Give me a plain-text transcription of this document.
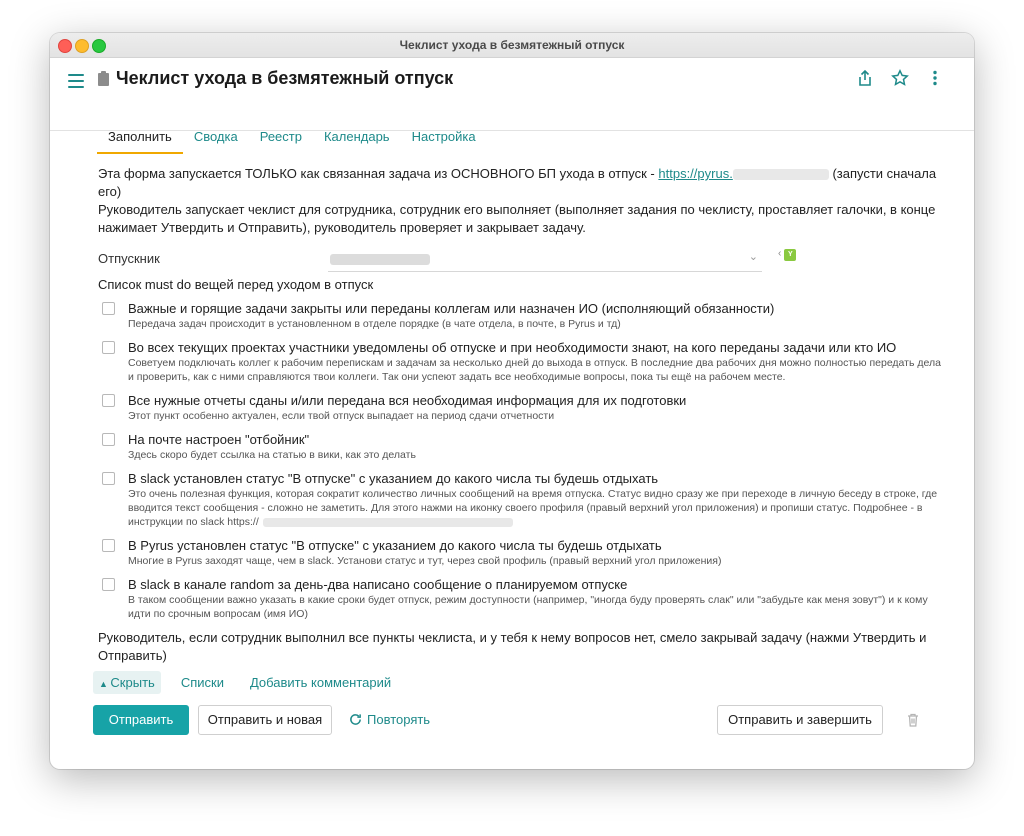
Чеклист ухода в безмятежный отпуск
Чеклист ухода в безмятежный отпуск
Заполнить	Сводка	Реестр	Календарь	Настройка
Эта форма запускается ТОЛЬКО как связанная задача из ОСНОВНОГО БП ухода в отпуск - https://pyrus.	(запусти сначала его)
Руководитель запускает чеклист для сотрудника, сотрудник его выполняет (выполняет задания по чеклисту, проставляет галочки, в конце нажимает Утвердить и Отправить), руководитель проверяет и закрывает задачу.
Отпускник	⌄ ‹ Y
Список must do вещей перед уходом в отпуск
Важные и горящие задачи закрыты или переданы коллегам или назначен ИО (исполняющий обязанности)
Передача задач происходит в установленном в отделе порядке (в чате отдела, в почте, в Pyrus и тд)
Во всех текущих проектах участники уведомлены об отпуске и при необходимости знают, на кого переданы задачи или кто ИО
Советуем подключать коллег к рабочим перепискам и задачам за несколько дней до выхода в отпуск. В последние два рабочих дня можно полностью передать дела и проверить, как с ними справляются твои коллеги. Так они успеют задать все необходимые вопросы, пока ты ещё на рабочем месте.
Все нужные отчеты сданы и/или передана вся необходимая информация для их подготовки
Этот пункт особенно актуален, если твой отпуск выпадает на период сдачи отчетности
На почте настроен "отбойник"
Здесь скоро будет ссылка на статью в вики, как это делать
В slack установлен статус "В отпуске" с указанием до какого числа ты будешь отдыхать
Это очень полезная функция, которая сократит количество личных сообщений на время отпуска. Статус видно сразу же при переходе в личную беседу в строке, где вводится текст сообщения - сложно не заметить. Для этого нажми на иконку своего профиля (правый верхний угол приложения) и пропиши статус. Подробнее - в инструкции по slack https://
В Pyrus установлен статус "В отпуске" с указанием до какого числа ты будешь отдыхать
Многие в Pyrus заходят чаще, чем в slack. Установи статус и тут, через свой профиль (правый верхний угол приложения)
В slack в канале random за день-два написано сообщение о планируемом отпуске
В таком сообщении важно указать в какие сроки будет отпуск, режим доступности (например, "иногда буду проверять слак" или "забудьте как меня зовут") и к кому идти по срочным вопросам (имя ИО)
Руководитель, если сотрудник выполнил все пункты чеклиста, и у тебя к нему вопросов нет, смело закрывай задачу (нажми Утвердить и Отправить)
▲ Скрыть	Списки Добавить комментарий
Отправить	Отправить и новая	Повторять	Отправить и завершить
